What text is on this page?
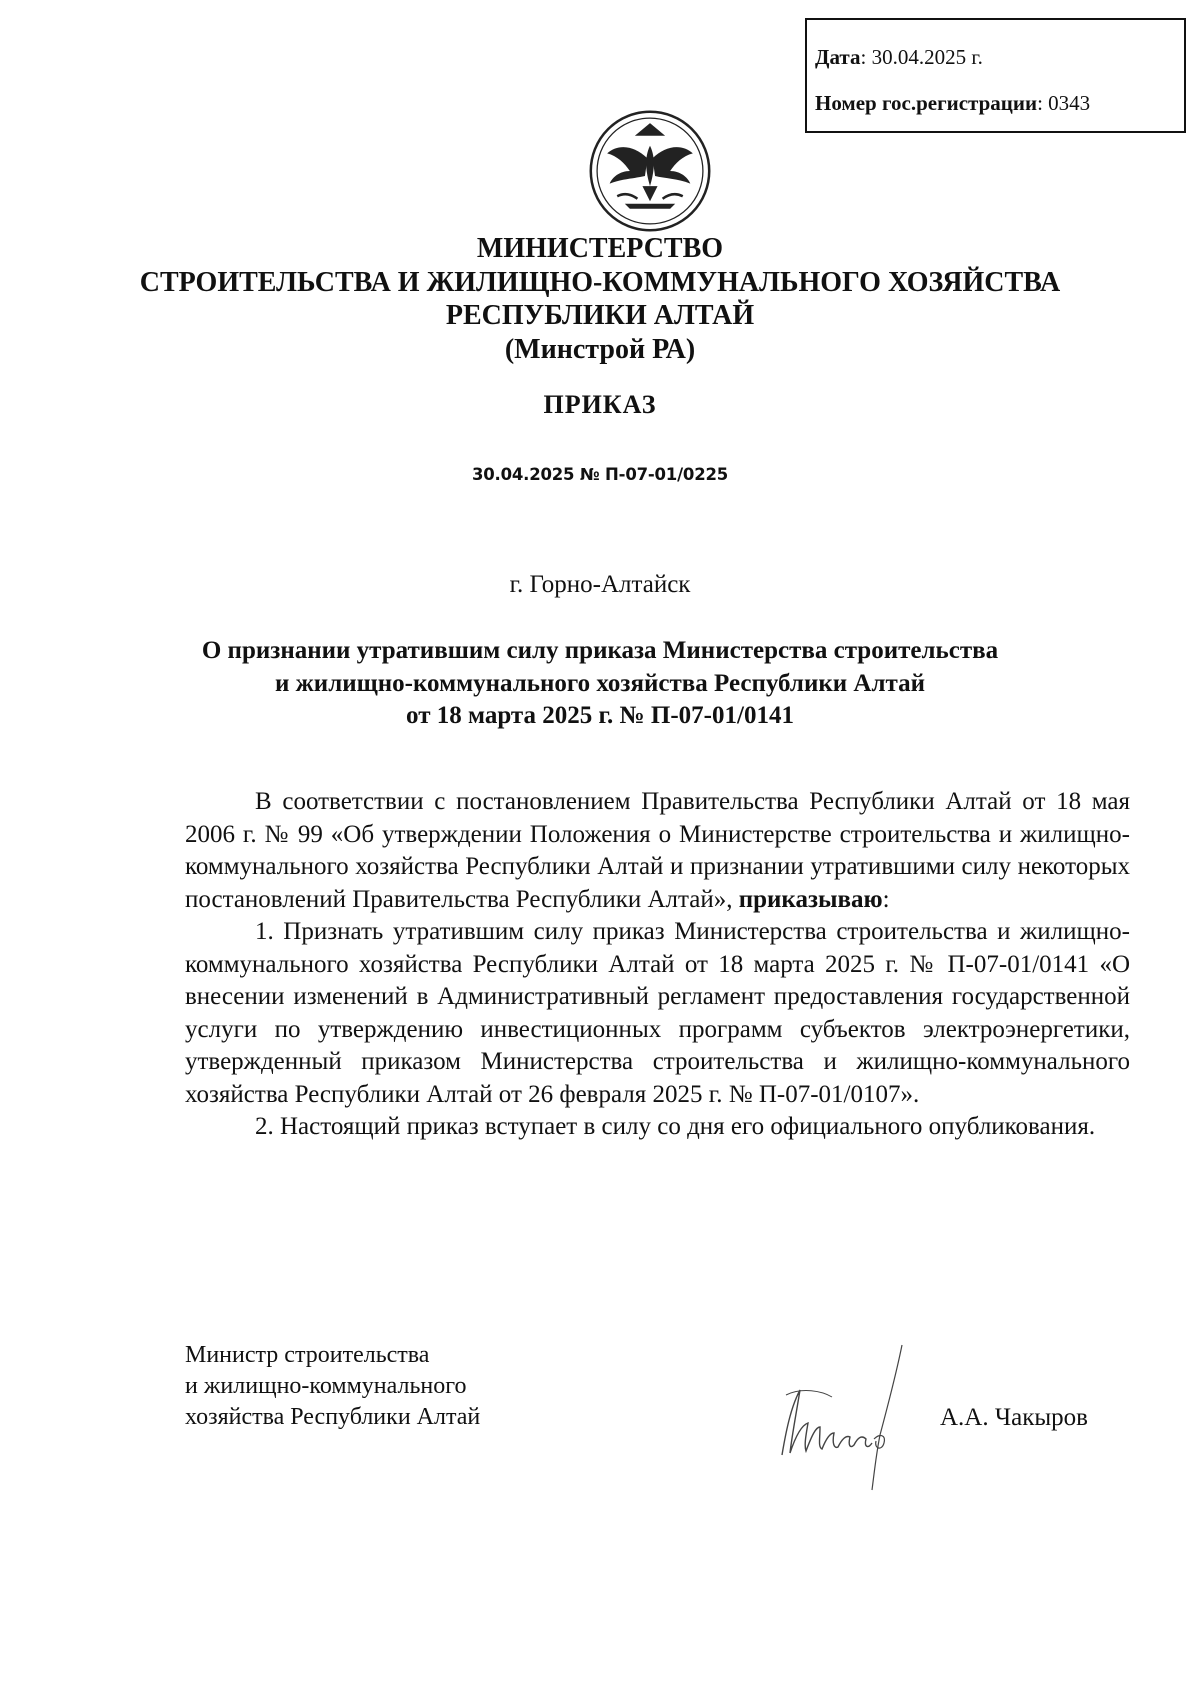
Дата: 30.04.2025 г.
Номер гос.регистрации: 0343
МИНИСТЕРСТВО
СТРОИТЕЛЬСТВА И ЖИЛИЩНО-КОММУНАЛЬНОГО ХОЗЯЙСТВА
РЕСПУБЛИКИ АЛТАЙ
(Минстрой РА)
ПРИКАЗ
30.04.2025 № П-07-01/0225
г. Горно-Алтайск
О признании утратившим силу приказа Министерства строительства
и жилищно-коммунального хозяйства Республики Алтай
от 18 марта 2025 г. № П-07-01/0141

В соответствии с постановлением Правительства Республики Алтай от 18 мая 2006 г. № 99 «Об утверждении Положения о Министерстве строительства и жилищно-коммунального хозяйства Республики Алтай и признании утратившими силу некоторых постановлений Правительства Республики Алтай», приказываю:

1. Признать утратившим силу приказ Министерства строительства и жилищно-коммунального хозяйства Республики Алтай от 18 марта 2025 г. № П-07-01/0141 «О внесении изменений в Административный регламент предоставления государственной услуги по утверждению инвестиционных программ субъектов электроэнергетики, утвержденный приказом Министерства строительства и жилищно-коммунального хозяйства Республики Алтай от 26 февраля 2025 г. № П-07-01/0107».

2. Настоящий приказ вступает в силу со дня его официального опубликования.

Министр строительства
и жилищно-коммунального
хозяйства Республики Алтай	А.А. Чакыров
